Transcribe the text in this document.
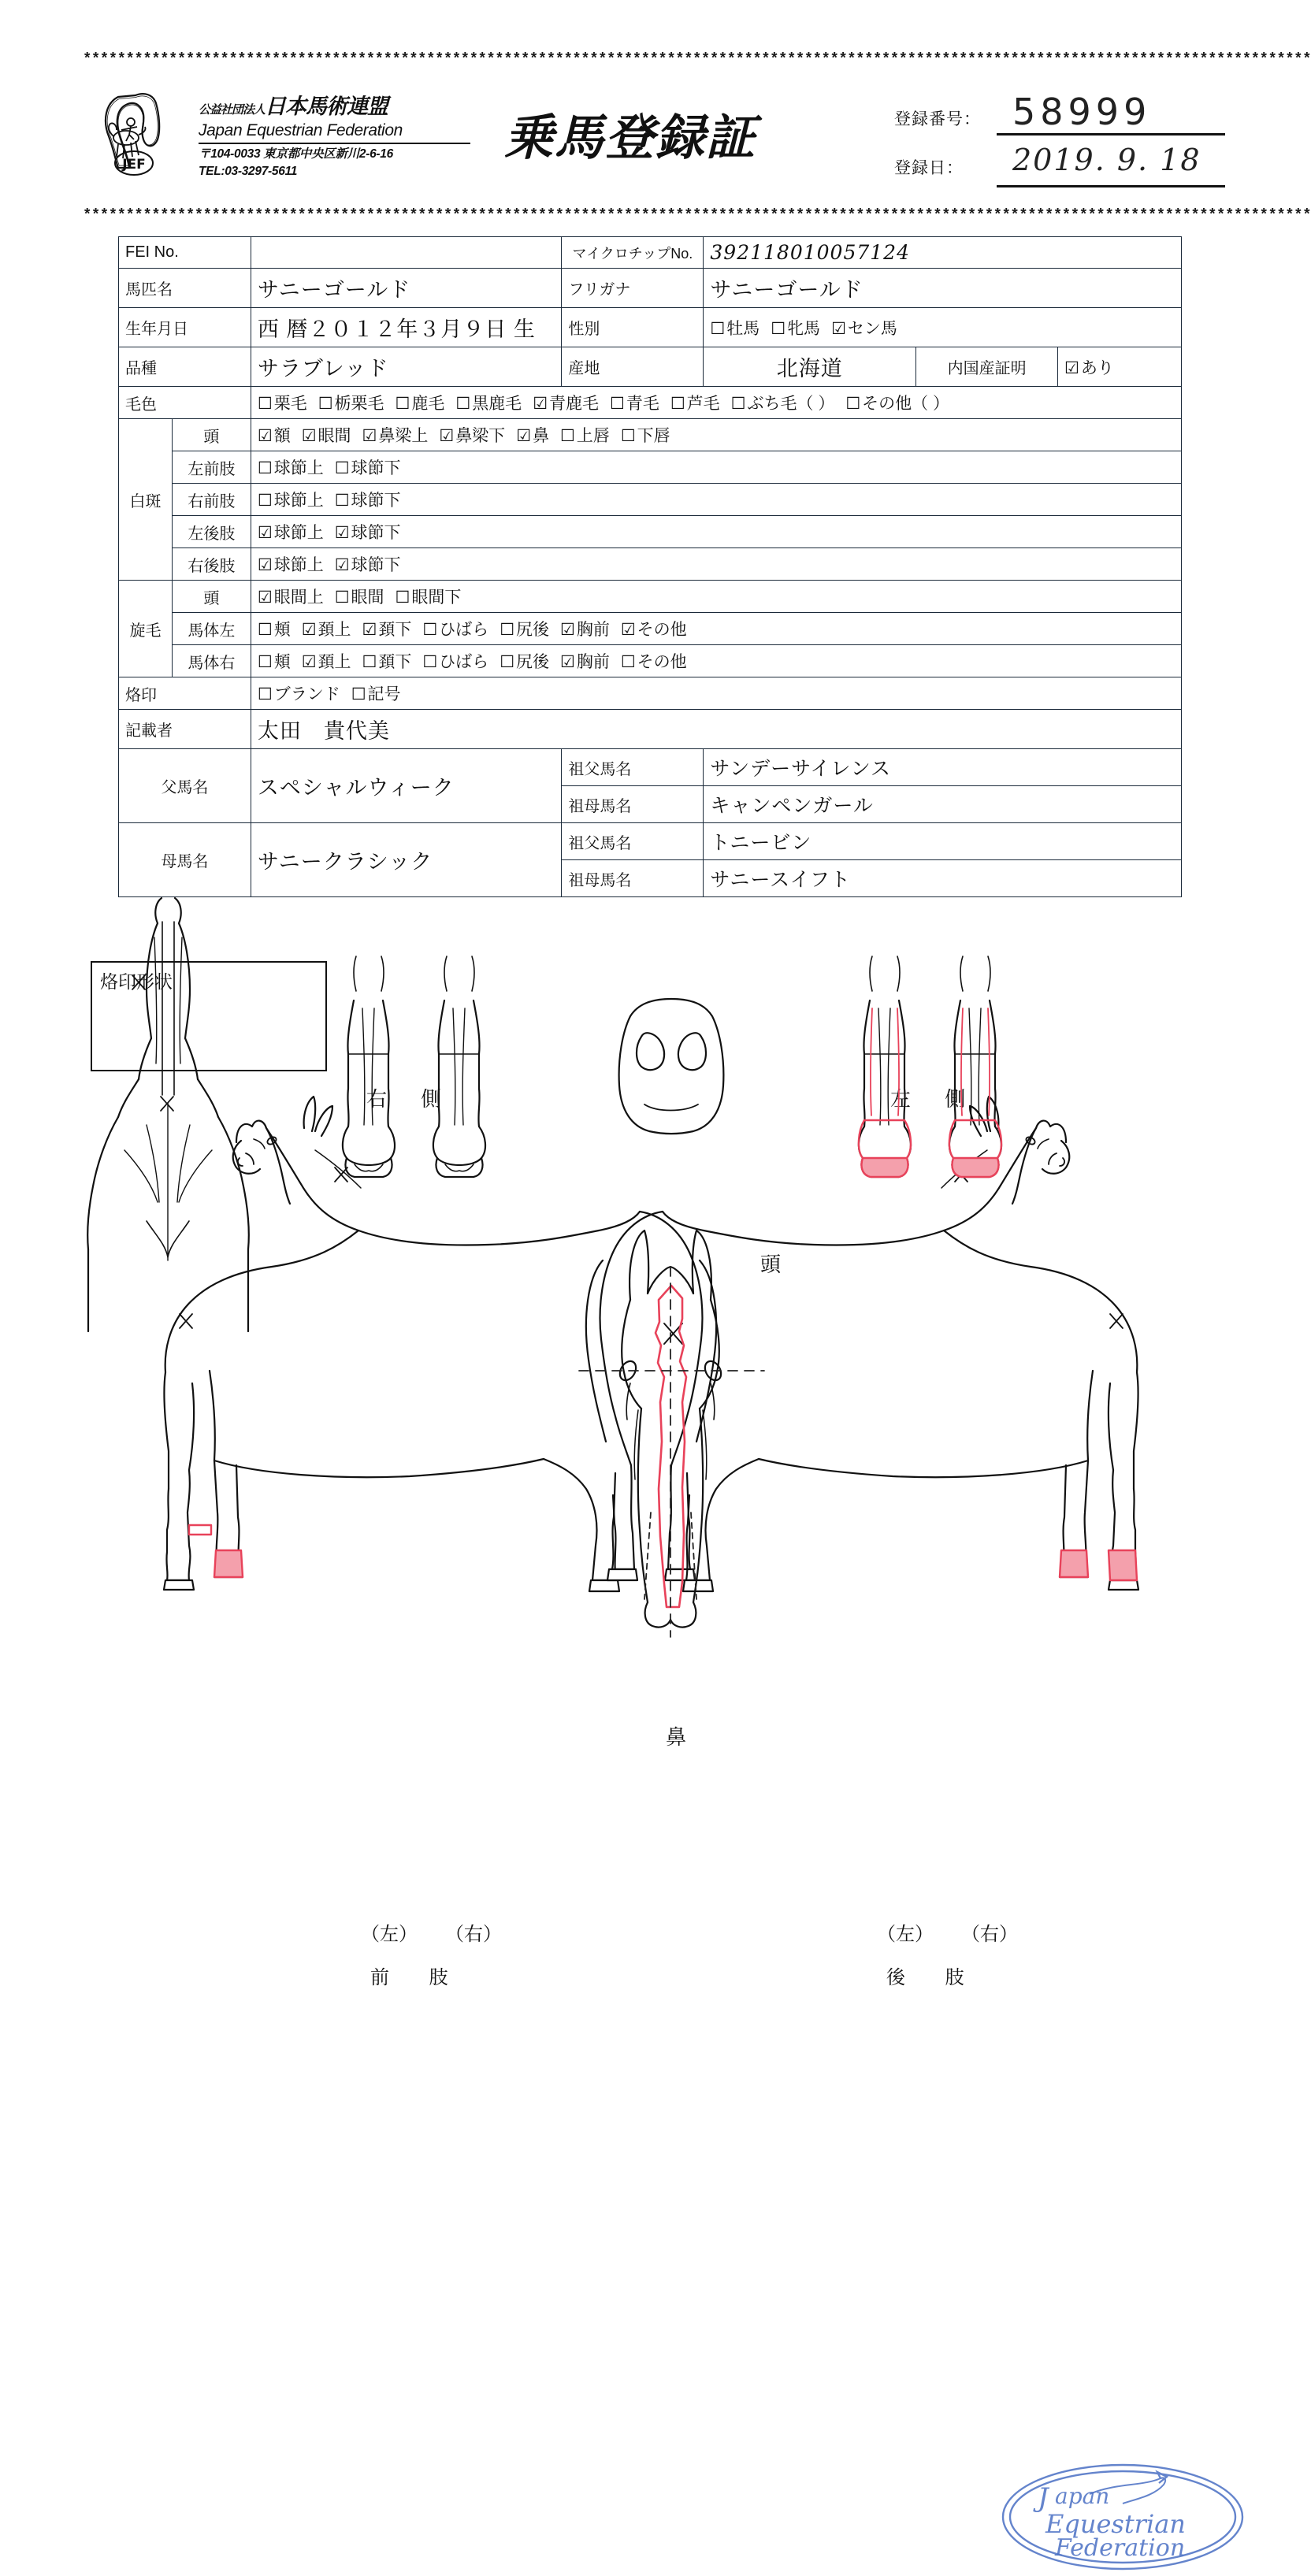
***********************************************************************************************************************************************
JEF
公益社団法人日本馬術連盟
Japan Equestrian Federation
〒104-0033 東京都中央区新川2-6-16
TEL:03-3297-5611
乗馬登録証	登録番号： 58999
登録日： 2019. 9. 18
***********************************************************************************************************************************************
FEI No.			マイクロチップNo.	392118010057124		
馬匹名		サニーゴールド	フリガナ	サニーゴールド		
生年月日		西 暦２０１２年３月９日 生	性別	☐牡馬 ☐牝馬 ☑セン馬		
品種		サラブレッド	産地	北海道	内国産証明	☑あり
毛色		☐栗毛 ☐栃栗毛 ☐鹿毛 ☐黒鹿毛 ☑青鹿毛 ☐青毛 ☐芦毛 ☐ぶち毛（ ） ☐その他（ ）				
白斑	頭	☑額 ☑眼間 ☑鼻梁上 ☑鼻梁下 ☑鼻 ☐上唇 ☐下唇				
	左前肢	☐球節上 ☐球節下				
	右前肢	☐球節上 ☐球節下				
	左後肢	☑球節上 ☑球節下				
	右後肢	☑球節上 ☑球節下				
旋毛	頭	☑眼間上 ☐眼間 ☐眼間下				
	馬体左	☐頬 ☑頚上 ☑頚下 ☐ひばら ☐尻後 ☑胸前 ☑その他				
	馬体右	☐頬 ☑頚上 ☐頚下 ☐ひばら ☐尻後 ☑胸前 ☐その他				
烙印		☐ブランド ☐記号				
記載者		太田　貴代美				
父馬名		スペシャルウィーク	祖父馬名	サンデーサイレンス		
			祖母馬名	キャンペンガール		
母馬名		サニークラシック	祖父馬名	トニービン		
			祖母馬名	サニースイフト		
烙印形状
右 側	左 側
頭
鼻
（左） （右）
前 肢
（左） （右）
後 肢
J apan
Equestrian
Federation
